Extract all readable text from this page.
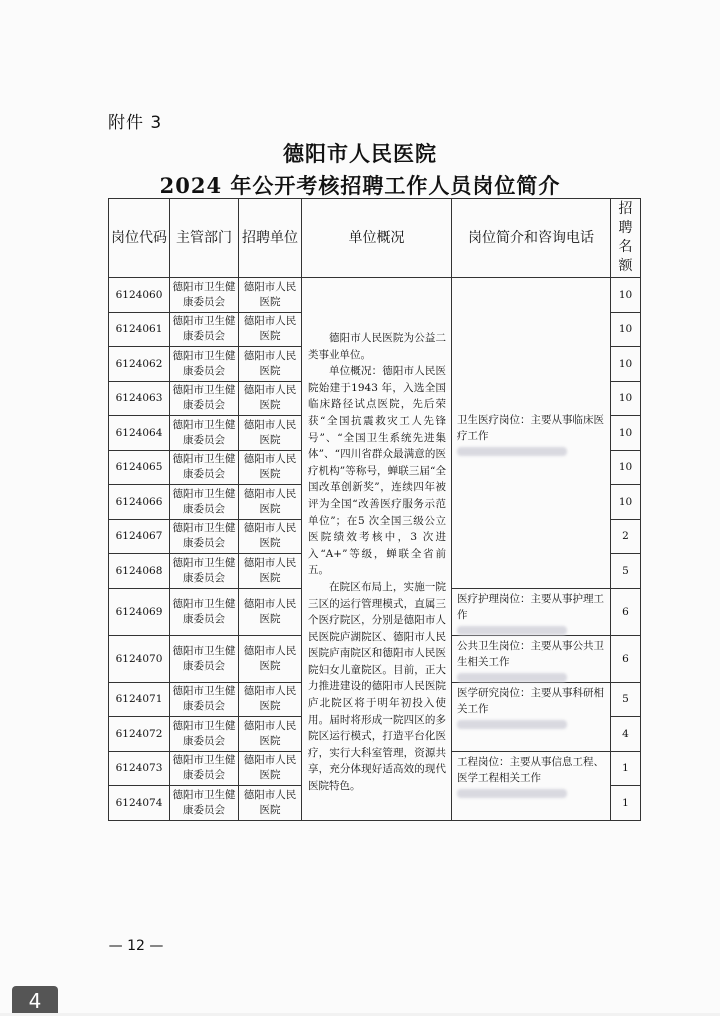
附件 3
德阳市人民医院
2024 年公开考核招聘工作人员岗位简介
岗位代码	主管部门	招聘单位	单位概况	岗位简介和咨询电话	招
聘
名
额

6124060	德阳市卫生健康委员会	德阳市人民医院	德阳市人民医院为公益二类事业单位。

单位概况：德阳市人民医院始建于1943 年，入选全国临床路径试点医院，先后荣获“全国抗震救灾工人先锋号”、“全国卫生系统先进集体”、“四川省群众最满意的医疗机构”等称号，蝉联三届“全国改革创新奖”，连续四年被评为全国“改善医疗服务示范单位”；在5 次全国三级公立医院绩效考核中，3 次进入“A+”等级，蝉联全省前五。

在院区布局上，实施一院三区的运行管理模式，直属三个医疗院区，分别是德阳市人民医院庐湖院区、德阳市人民医院庐南院区和德阳市人民医院妇女儿童院区。目前，正大力推进建设的德阳市人民医院庐北院区将于明年初投入使用。届时将形成一院四区的多院区运行模式，打造平台化医疗，实行大科室管理，资源共享，充分体现好适高效的现代医院特色。	卫生医疗岗位：主要从事临床医疗工作	10
6124061	德阳市卫生健康委员会	德阳市人民医院			10
6124062	德阳市卫生健康委员会	德阳市人民医院			10
6124063	德阳市卫生健康委员会	德阳市人民医院			10
6124064	德阳市卫生健康委员会	德阳市人民医院			10
6124065	德阳市卫生健康委员会	德阳市人民医院			10
6124066	德阳市卫生健康委员会	德阳市人民医院			10
6124067	德阳市卫生健康委员会	德阳市人民医院			2
6124068	德阳市卫生健康委员会	德阳市人民医院			5
6124069	德阳市卫生健康委员会	德阳市人民医院		医疗护理岗位：主要从事护理工作	6
6124070	德阳市卫生健康委员会	德阳市人民医院		公共卫生岗位：主要从事公共卫生相关工作	6
6124071	德阳市卫生健康委员会	德阳市人民医院		医学研究岗位：主要从事科研相关工作	5
6124072	德阳市卫生健康委员会	德阳市人民医院			4
6124073	德阳市卫生健康委员会	德阳市人民医院		工程岗位：主要从事信息工程、医学工程相关工作	1
6124074	德阳市卫生健康委员会	德阳市人民医院			1
— 12 —
4
